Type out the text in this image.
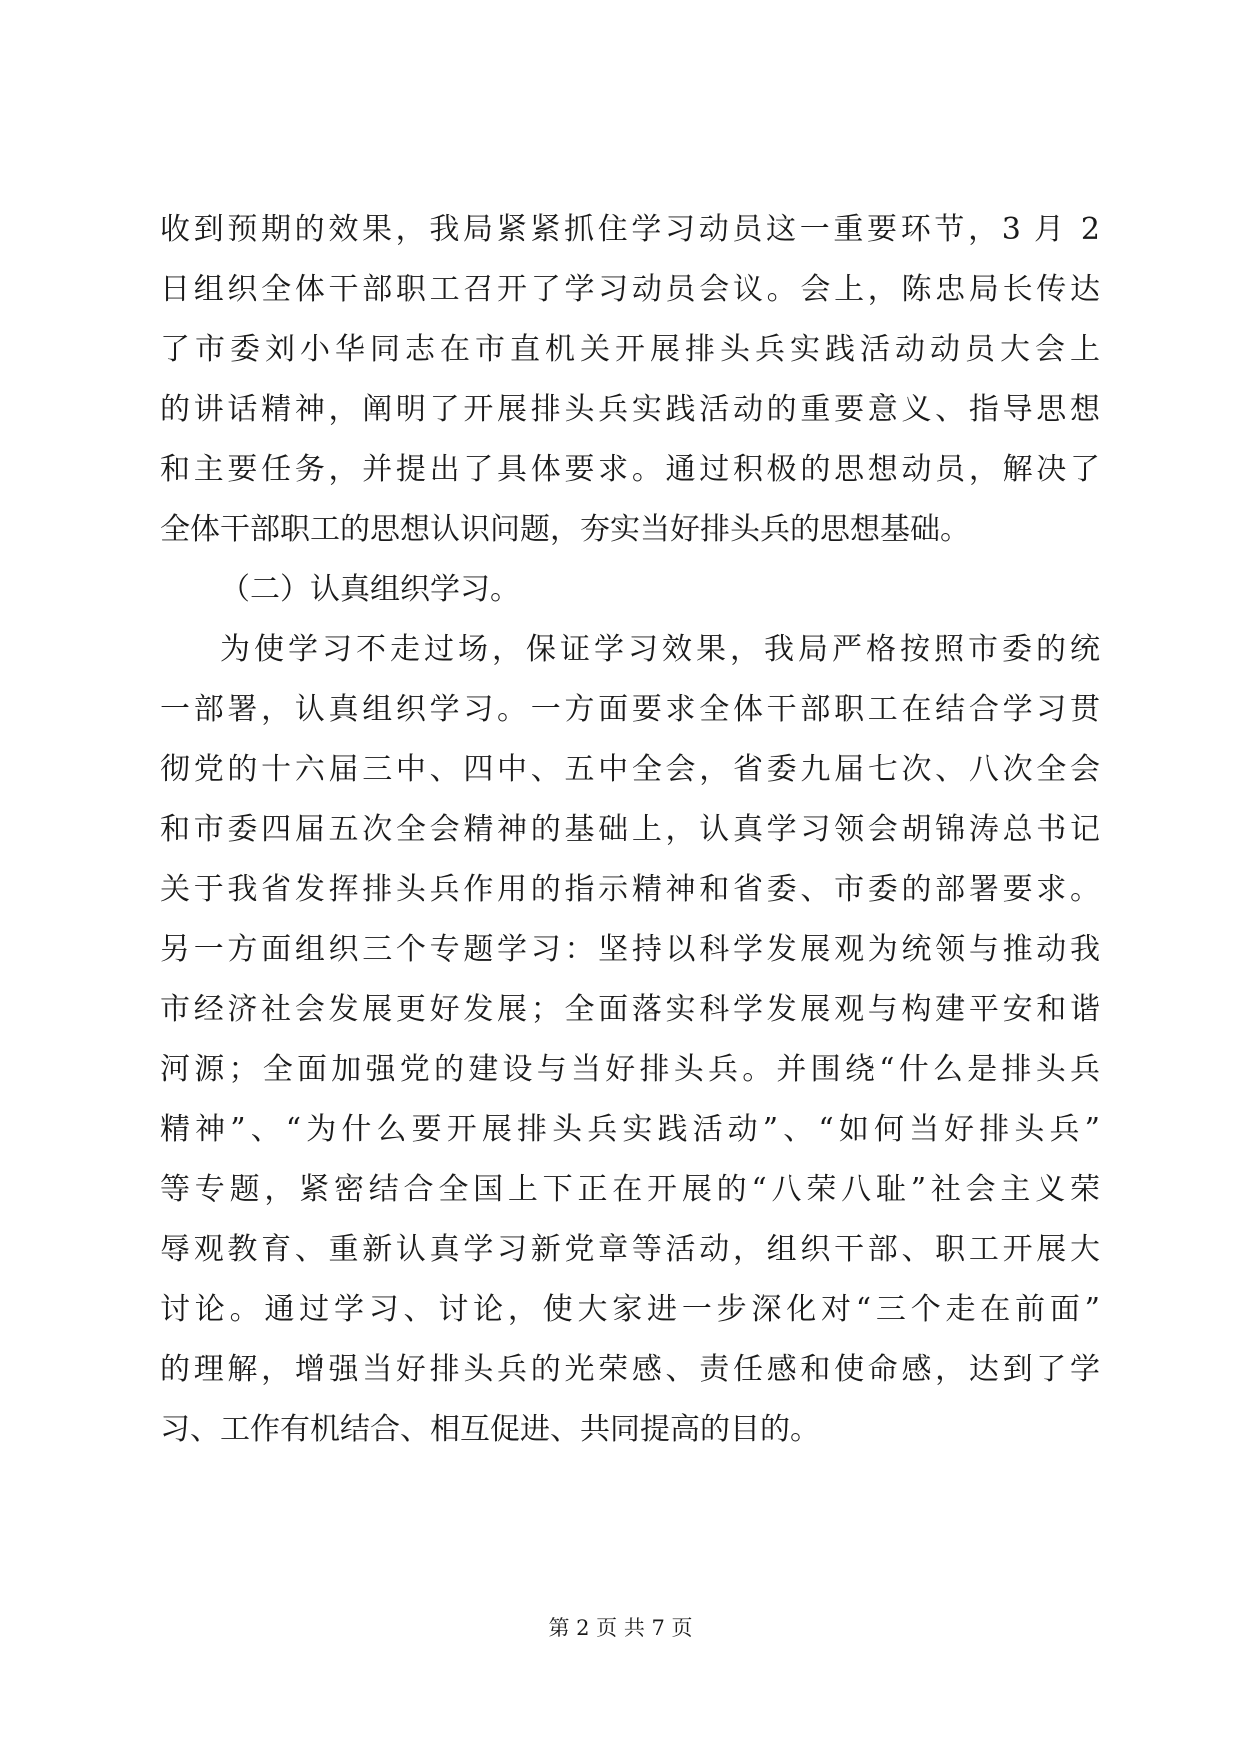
收到预期的效果，我局紧紧抓住学习动员这一重要环节，3 月 2
日组织全体干部职工召开了学习动员会议。会上，陈忠局长传达
了市委刘小华同志在市直机关开展排头兵实践活动动员大会上
的讲话精神，阐明了开展排头兵实践活动的重要意义、指导思想
和主要任务，并提出了具体要求。通过积极的思想动员，解决了
全体干部职工的思想认识问题，夯实当好排头兵的思想基础。
（二）认真组织学习。
为使学习不走过场，保证学习效果，我局严格按照市委的统
一部署，认真组织学习。一方面要求全体干部职工在结合学习贯
彻党的十六届三中、四中、五中全会，省委九届七次、八次全会
和市委四届五次全会精神的基础上，认真学习领会胡锦涛总书记
关于我省发挥排头兵作用的指示精神和省委、市委的部署要求。
另一方面组织三个专题学习：坚持以科学发展观为统领与推动我
市经济社会发展更好发展；全面落实科学发展观与构建平安和谐
河源；全面加强党的建设与当好排头兵。并围绕“什么是排头兵
精神”、“为什么要开展排头兵实践活动”、“如何当好排头兵”
等专题，紧密结合全国上下正在开展的“八荣八耻”社会主义荣
辱观教育、重新认真学习新党章等活动，组织干部、职工开展大
讨论。通过学习、讨论，使大家进一步深化对“三个走在前面”
的理解，增强当好排头兵的光荣感、责任感和使命感，达到了学
习、工作有机结合、相互促进、共同提高的目的。
第 2 页 共 7 页
